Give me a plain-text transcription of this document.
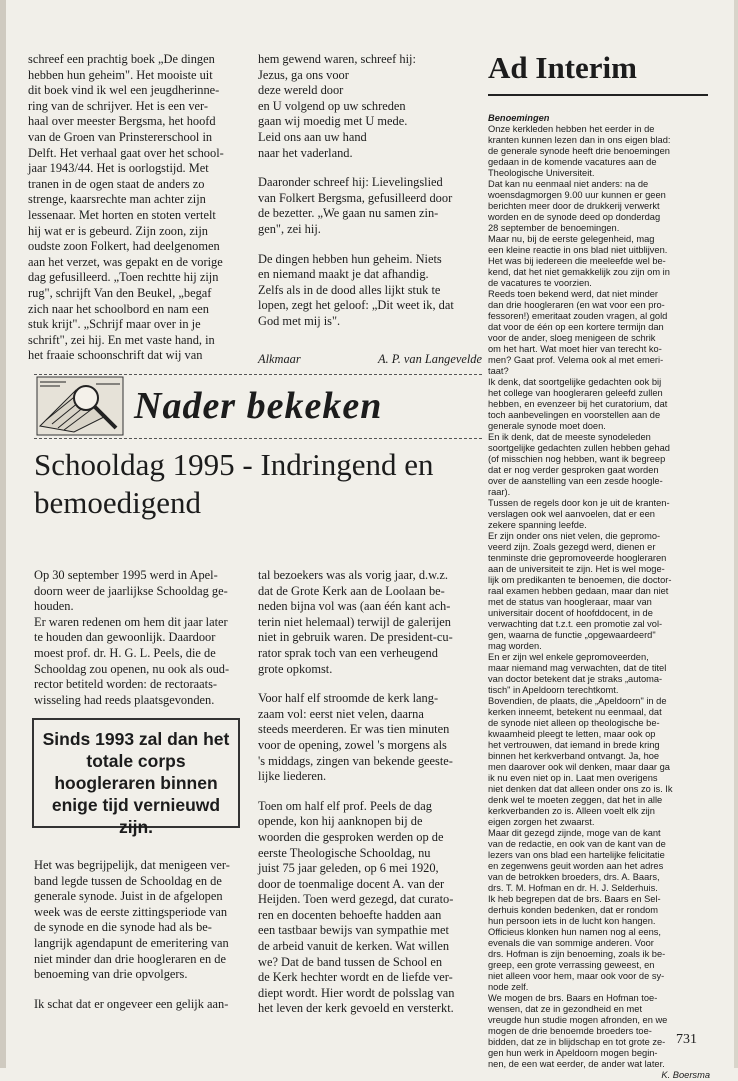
schreef een prachtig boek „De dingen
hebben hun geheim". Het mooiste uit
dit boek vind ik wel een jeugdherinne-
ring van de schrijver. Het is een ver-
haal over meester Bergsma, het hoofd
van de Groen van Prinstererschool in
Delft. Het verhaal gaat over het school-
jaar 1943/44. Het is oorlogstijd. Met
tranen in de ogen staat de anders zo
strenge, kaarsrechte man achter zijn
lessenaar. Met horten en stoten vertelt
hij wat er is gebeurd. Zijn zoon, zijn
oudste zoon Folkert, had deelgenomen
aan het verzet, was gepakt en de vorige
dag gefusilleerd. „Toen rechtte hij zijn
rug", schrijft Van den Beukel, „begaf
zich naar het schoolbord en nam een
stuk krijt". „Schrijf maar over in je
schrift", zei hij. En met vaste hand, in
het fraaie schoonschrift dat wij van

hem gewend waren, schreef hij:

Jezus, ga ons voor
deze wereld door
en U volgend op uw schreden
gaan wij moedig met U mede.
Leid ons aan uw hand
naar het vaderland.
Daaronder schreef hij: Lievelingslied
van Folkert Bergsma, gefusilleerd door
de bezetter. „We gaan nu samen zin-
gen", zei hij.
De dingen hebben hun geheim. Niets
en niemand maakt je dat afhandig.
Zelfs als in de dood alles lijkt stuk te
lopen, zegt het geloof: „Dit weet ik, dat
God met mij is".
Alkmaar	A. P. van Langevelde
Ad Interim

Benoemingen

Onze kerkleden hebben het eerder in de
kranten kunnen lezen dan in ons eigen blad:
de generale synode heeft drie benoemingen
gedaan in de komende vacatures aan de
Theologische Universiteit.
Dat kan nu eenmaal niet anders: na de
woensdagmorgen 9.00 uur kunnen er geen
berichten meer door de drukkerij verwerkt
worden en de synode deed op donderdag
28 september de benoemingen.
Maar nu, bij de eerste gelegenheid, mag
een kleine reactie in ons blad niet uitblijven.
Het was bij iedereen die meeleefde wel be-
kend, dat het niet gemakkelijk zou zijn om in
de vacatures te voorzien.
Reeds toen bekend werd, dat niet minder
dan drie hoogleraren (en wat voor een pro-
fessoren!) emeritaat zouden vragen, al gold
dat voor de één op een kortere termijn dan
voor de ander, sloeg menigeen de schrik
om het hart. Wat moet hier van terecht ko-
men? Gaat prof. Velema ook al met emeri-
taat?
Ik denk, dat soortgelijke gedachten ook bij
het college van hoogleraren geleefd zullen
hebben, en evenzeer bij het curatorium, dat
toch aanbevelingen en voorstellen aan de
generale synode moet doen.
En ik denk, dat de meeste synodeleden
soortgelijke gedachten zullen hebben gehad
(of misschien nog hebben, want ik begreep
dat er nog verder gesproken gaat worden
over de aanstelling van een zesde hoogle-
raar).
Tussen de regels door kon je uit de kranten-
verslagen ook wel aanvoelen, dat er een
zekere spanning leefde.
Er zijn onder ons niet velen, die gepromo-
veerd zijn. Zoals gezegd werd, dienen er
tenminste drie gepromoveerde hoogleraren
aan de universiteit te zijn. Het is wel moge-
lijk om predikanten te benoemen, die doctor-
raal examen hebben gedaan, maar dan niet
met de status van hoogleraar, maar van
universitair docent of hoofddocent, in de
verwachting dat t.z.t. een promotie zal vol-
gen, waarna de functie „opgewaardeerd"
mag worden.
En er zijn wel enkele gepromoveerden,
maar niemand mag verwachten, dat de titel
van doctor betekent dat je straks „automa-
tisch" in Apeldoorn terechtkomt.
Bovendien, de plaats, die „Apeldoorn" in de
kerken inneemt, betekent nu eenmaal, dat
de synode niet alleen op theologische be-
kwaamheid pleegt te letten, maar ook op
het vertrouwen, dat iemand in brede kring
binnen het kerkverband ontvangt. Ja, hoe
men daarover ook wil denken, maar daar ga
ik nu even niet op in. Laat men overigens
niet denken dat dat alleen onder ons zo is. Ik
denk wel te moeten zeggen, dat het in alle
kerkverbanden zo is. Alleen voelt elk zijn
eigen zorgen het zwaarst.
Maar dit gezegd zijnde, moge van de kant
van de redactie, en ook van de kant van de
lezers van ons blad een hartelijke felicitatie
en zegenwens geuit worden aan het adres
van de betrokken broeders, drs. A. Baars,
drs. T. M. Hofman en dr. H. J. Selderhuis.
Ik heb begrepen dat de brs. Baars en Sel-
derhuis konden bedenken, dat er rondom
hun persoon iets in de lucht kon hangen.
Officieus klonken hun namen nog al eens,
evenals die van sommige anderen. Voor
drs. Hofman is zijn benoeming, zoals ik be-
greep, een grote verrassing geweest, en
niet alleen voor hem, maar ook voor de sy-
node zelf.
We mogen de brs. Baars en Hofman toe-
wensen, dat ze in gezondheid en met
vreugde hun studie mogen afronden, en we
mogen de drie benoemde broeders toe-
bidden, dat ze in blijdschap en tot grote ze-
gen hun werk in Apeldoorn mogen begin-
nen, de een wat eerder, de ander wat later.

K. Boersma

Nader bekeken
Schooldag 1995 - Indringend en bemoedigend
Op 30 september 1995 werd in Apel-
doorn weer de jaarlijkse Schooldag ge-
houden.
Er waren redenen om hem dit jaar later
te houden dan gewoonlijk. Daardoor
moest prof. dr. H. G. L. Peels, die de
Schooldag zou openen, nu ook als oud-
rector betiteld worden: de rectoraats-
wisseling had reeds plaatsgevonden.
Sinds 1993 zal dan het totale corps hoogleraren binnen enige tijd vernieuwd zijn.
Het was begrijpelijk, dat menigeen ver-
band legde tussen de Schooldag en de
generale synode. Juist in de afgelopen
week was de eerste zittingsperiode van
de synode en die synode had als be-
langrijk agendapunt de emeritering van
niet minder dan drie hoogleraren en de
benoeming van drie opvolgers.
Ik schat dat er ongeveer een gelijk aan-
tal bezoekers was als vorig jaar, d.w.z.
dat de Grote Kerk aan de Loolaan be-
neden bijna vol was (aan één kant ach-
terin niet helemaal) terwijl de galerijen
niet in gebruik waren. De president-cu-
rator sprak toch van een verheugend
grote opkomst.
Voor half elf stroomde de kerk lang-
zaam vol: eerst niet velen, daarna
steeds meerderen. Er was tien minuten
voor de opening, zowel 's morgens als
's middags, zingen van bekende geeste-
lijke liederen.
Toen om half elf prof. Peels de dag
opende, kon hij aanknopen bij de
woorden die gesproken werden op de
eerste Theologische Schooldag, nu
juist 75 jaar geleden, op 6 mei 1920,
door de toenmalige docent A. van der
Heijden. Toen werd gezegd, dat curato-
ren en docenten behoefte hadden aan
een tastbaar bewijs van sympathie met
de arbeid vanuit de kerken. Wat willen
we? Dat de band tussen de School en
de Kerk hechter wordt en de liefde ver-
diept wordt. Hier wordt de polsslag van
het leven der kerk gevoeld en versterkt.
731
